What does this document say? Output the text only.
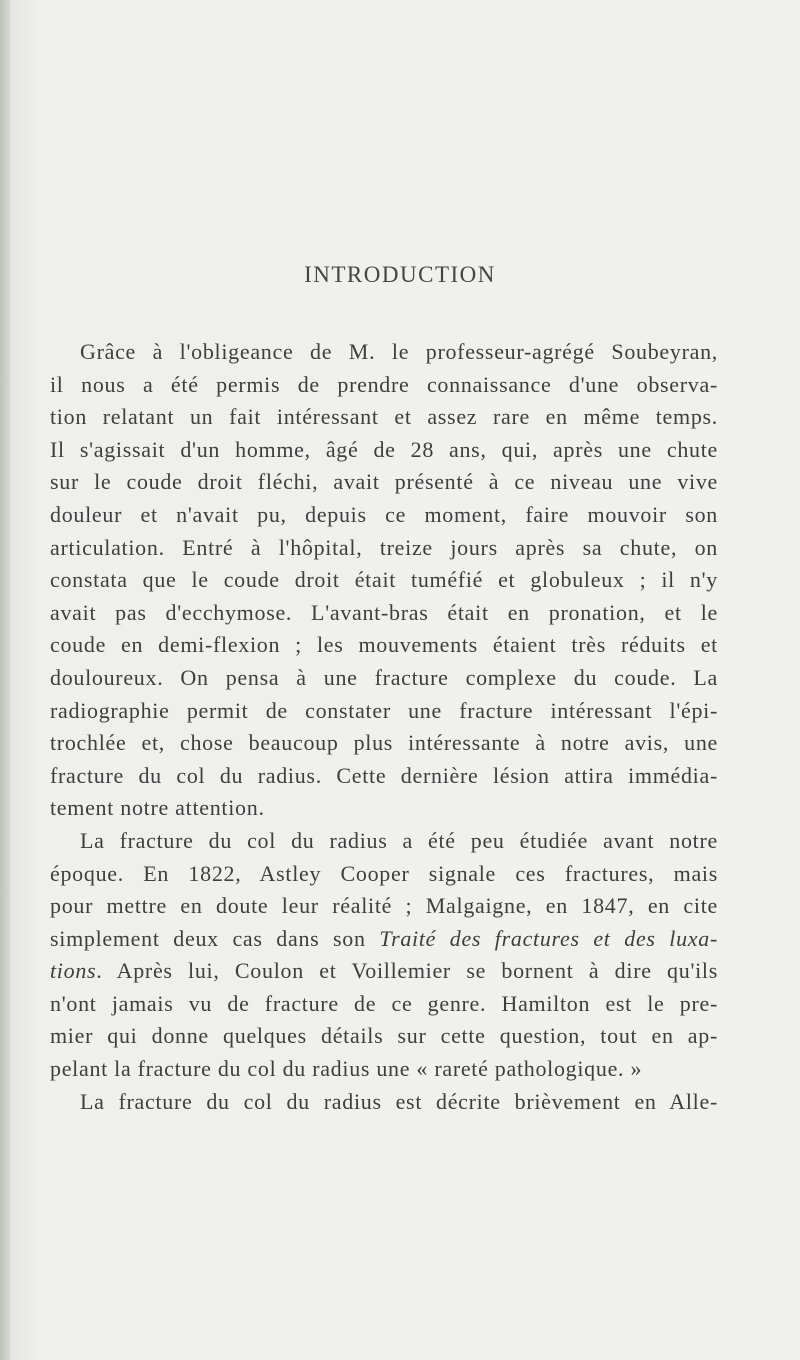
INTRODUCTION

Grâce à l'obligeance de M. le professeur-agrégé Soubeyran,

il nous a été permis de prendre connaissance d'une observa-

tion relatant un fait intéressant et assez rare en même temps.

Il s'agissait d'un homme, âgé de 28 ans, qui, après une chute

sur le coude droit fléchi, avait présenté à ce niveau une vive

douleur et n'avait pu, depuis ce moment, faire mouvoir son

articulation. Entré à l'hôpital, treize jours après sa chute, on

constata que le coude droit était tuméfié et globuleux ; il n'y

avait pas d'ecchymose. L'avant-bras était en pronation, et le

coude en demi-flexion ; les mouvements étaient très réduits et

douloureux. On pensa à une fracture complexe du coude. La

radiographie permit de constater une fracture intéressant l'épi-

trochlée et, chose beaucoup plus intéressante à notre avis, une

fracture du col du radius. Cette dernière lésion attira immédia-

tement notre attention.

La fracture du col du radius a été peu étudiée avant notre

époque. En 1822, Astley Cooper signale ces fractures, mais

pour mettre en doute leur réalité ; Malgaigne, en 1847, en cite

simplement deux cas dans son Traité des fractures et des luxa-

tions. Après lui, Coulon et Voillemier se bornent à dire qu'ils

n'ont jamais vu de fracture de ce genre. Hamilton est le pre-

mier qui donne quelques détails sur cette question, tout en ap-

pelant la fracture du col du radius une « rareté pathologique. »

La fracture du col du radius est décrite brièvement en Alle-
